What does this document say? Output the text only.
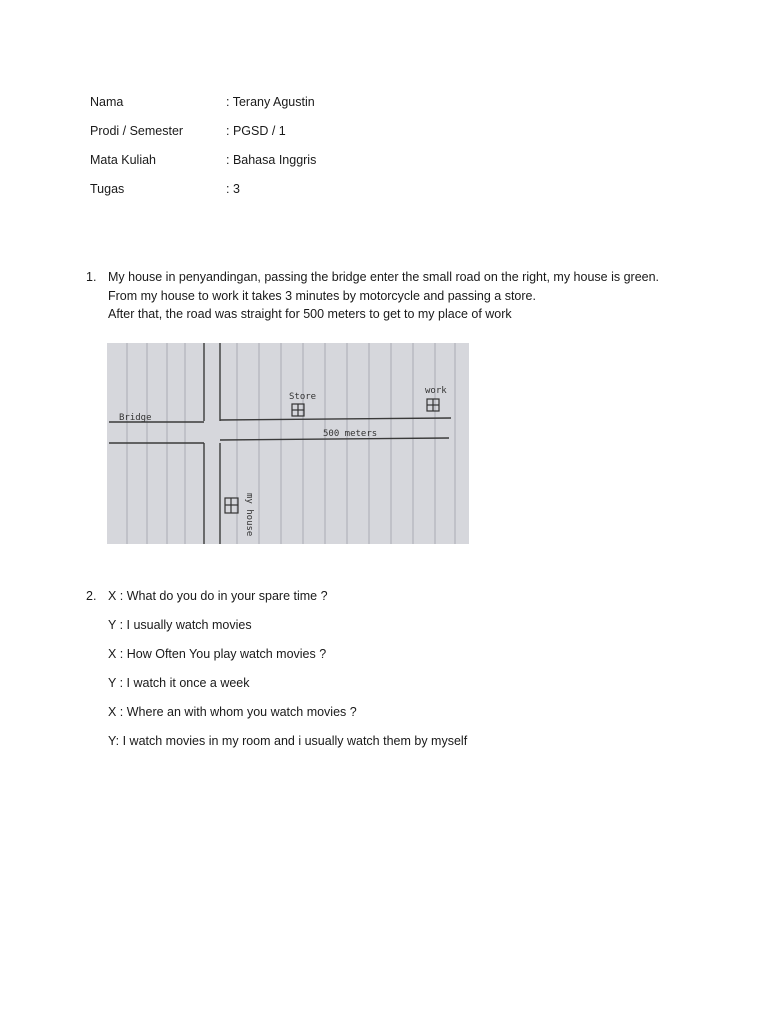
Nama	: Terany Agustin
Prodi / Semester	: PGSD / 1
Mata Kuliah	: Bahasa Inggris
Tugas	: 3
1. My house in penyandingan, passing the bridge enter the small road on the right, my house is green.
From my house to work it takes 3 minutes by motorcycle and passing a store.
After that, the road was straight for 500 meters to get to my place of work
Bridge
Store
work
500 meters
my house
2. X : What do you do in your spare time ?
Y : I usually watch movies
X : How Often You play watch movies ?
Y : I watch it once a week
X : Where an with whom you watch movies ?
Y: I watch movies in my room and i usually watch them by myself
